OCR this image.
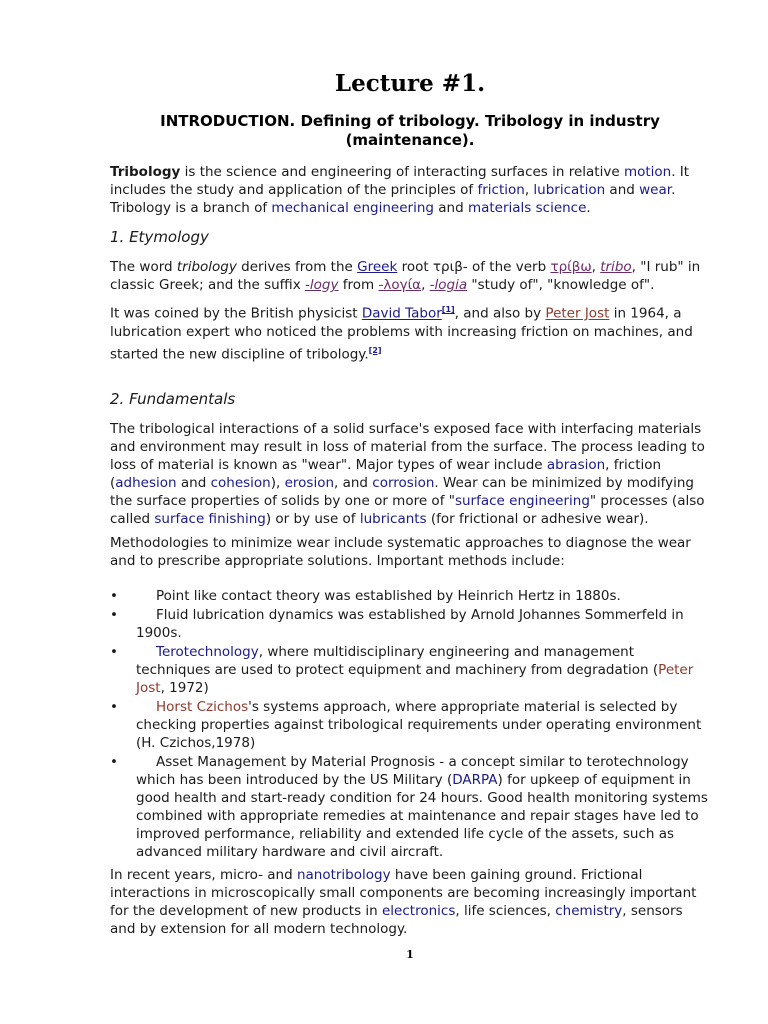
Lecture #1.
INTRODUCTION. Defining of tribology. Tribology in industry (maintenance).

Tribology is the science and engineering of interacting surfaces in relative motion. It includes the study and application of the principles of friction, lubrication and wear. Tribology is a branch of mechanical engineering and materials science.

1. Etymology

The word tribology derives from the Greek root τριβ- of the verb τρίβω, tribo, "I rub" in classic Greek; and the suffix -logy from -λογία, -logia "study of", "knowledge of".

It was coined by the British physicist David Tabor[1], and also by Peter Jost in 1964, a lubrication expert who noticed the problems with increasing friction on machines, and started the new discipline of tribology.[2]

2. Fundamentals

The tribological interactions of a solid surface's exposed face with interfacing materials and environment may result in loss of material from the surface. The process leading to loss of material is known as "wear". Major types of wear include abrasion, friction (adhesion and cohesion), erosion, and corrosion. Wear can be minimized by modifying the surface properties of solids by one or more of "surface engineering" processes (also called surface finishing) or by use of lubricants (for frictional or adhesive wear).

Methodologies to minimize wear include systematic approaches to diagnose the wear and to prescribe appropriate solutions. Important methods include:

•	Point like contact theory was established by Heinrich Hertz in 1880s.
•	Fluid lubrication dynamics was established by Arnold Johannes Sommerfeld in 1900s.
•	Terotechnology, where multidisciplinary engineering and management techniques are used to protect equipment and machinery from degradation (Peter Jost, 1972)
•	Horst Czichos's systems approach, where appropriate material is selected by checking properties against tribological requirements under operating environment (H. Czichos,1978)
•	Asset Management by Material Prognosis - a concept similar to terotechnology which has been introduced by the US Military (DARPA) for upkeep of equipment in good health and start-ready condition for 24 hours. Good health monitoring systems combined with appropriate remedies at maintenance and repair stages have led to improved performance, reliability and extended life cycle of the assets, such as advanced military hardware and civil aircraft.

In recent years, micro- and nanotribology have been gaining ground. Frictional interactions in microscopically small components are becoming increasingly important for the development of new products in electronics, life sciences, chemistry, sensors and by extension for all modern technology.

1
